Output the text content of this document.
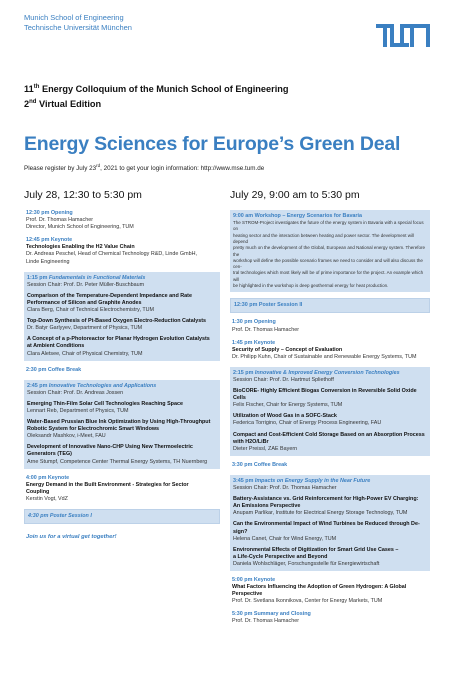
Munich School of Engineering
Technische Universität München
11th Energy Colloquium of the Munich School of Engineering
2nd Virtual Edition
Energy Sciences for Europe’s Green Deal
Please register by July 23rd, 2021 to get your login information: http://www.mse.tum.de
July 28, 12:30 to 5:30 pm	July 29, 9:00 am to 5:30 pm
12:30 pm Opening
Prof. Dr. Thomas Hamacher
Director, Munich School of Engineering, TUM
12:45 pm Keynote
Technologies Enabling the H2 Value Chain
Dr. Andreas Peschel, Head of Chemical Technology R&D, Linde GmbH,
Linde Engineering
1:15 pm Fundamentals in Functional Materials
Session Chair: Prof. Dr. Peter Müller-Buschbaum
Comparison of the Temperature-Dependent Impedance and Rate
Performance of Silicon and Graphite Anodes
Clara Berg, Chair of Technical Electrochemistry, TUM
Top-Down Synthesis of Pt-Based Oxygen Electro-Reduction Catalysts
Dr. Batyr Garlyyev, Department of Physics, TUM
A Concept of a p-Photoreactor for Planar Hydrogen Evolution Catalysts
at Ambient Conditions
Clara Aletsee, Chair of Physical Chemistry, TUM
2:30 pm Coffee Break
2:45 pm Innovative Technologies and Applications
Session Chair: Prof. Dr. Andreas Jossen
Emerging Thin-Film Solar Cell Technologies Reaching Space
Lennart Reb, Department of Physics, TUM
Water-Based Prussian Blue Ink Optimization by Using High-Throughput
Robotic System for Electrochromic Smart Windows
Oleksandr Mashkov, i-Meet, FAU
Development of Innovative Nano-CHP Using New Thermoelectric
Generators (TEG)
Arne Stumpf, Competence Center Thermal Energy Systems, TH Nuernberg
4:00 pm Keynote
Energy Demand in the Built Environment - Strategies for Sector
Coupling
Kerstin Vogt, VdZ
4:30 pm Poster Session I
Join us for a virtual get together!
9:00 am Workshop – Energy Scenarios for Bavaria
The STROM-Project investigates the future of the energy system in Bavaria with a special focus on
heating sector and the interaction between heating and power sector. The development will depend
pretty much on the development of the Global, European and National energy system. Therefore the
workshop will define the possible scenario frames we need to consider and will also discuss the cen-
tral technologies which most likely will be of prime importance for the project. An example which will
be highlighted in the workshop is deep geothermal energy for heat production.
12:30 pm Poster Session II
1:30 pm Opening
Prof. Dr. Thomas Hamacher
1:45 pm Keynote
Security of Supply – Concept of Evaluation
Dr. Philipp Kuhn, Chair of Sustainable and Renewable Energy Systems, TUM
2:15 pm Innovative & Improved Energy Conversion Technologies
Session Chair: Prof. Dr. Hartmut Spliethoff
BioCORE- Highly Efficient Biogas Conversion in Reversible Solid Oxide
Cells
Felix Fischer, Chair for Energy Systems, TUM
Utilization of Wood Gas in a SOFC-Stack
Federica Torrigino, Chair of Energy Process Engineering, FAU
Compact and Cost-Efficient Cold Storage Based on an Absorption Process
with H2O/LiBr
Dieter Preissl, ZAE Bayern
3:30 pm Coffee Break
3:45 pm Impacts on Energy Supply in the Near Future
Session Chair: Prof. Dr. Thomas Hamacher
Battery-Assistance vs. Grid Reinforcement for High-Power EV Charging:
An Emissions Perspective
Anupam Parlikar, Institute for Electrical Energy Storage Technology, TUM
Can the Environmental Impact of Wind Turbines be Reduced through De-
sign?
Helena Canet, Chair for Wind Energy, TUM
Environmental Effects of Digitization for Smart Grid Use Cases –
a Life-Cycle Perspective and Beyond
Daniela Wohlschläger, Forschungsstelle für Energiewirtschaft
5:00 pm Keynote
What Factors Influencing the Adoption of Green Hydrogen: A Global
Perspective
Prof. Dr. Svetlana Ikonnikova, Center for Energy Markets, TUM
5:30 pm Summary and Closing
Prof. Dr. Thomas Hamacher
